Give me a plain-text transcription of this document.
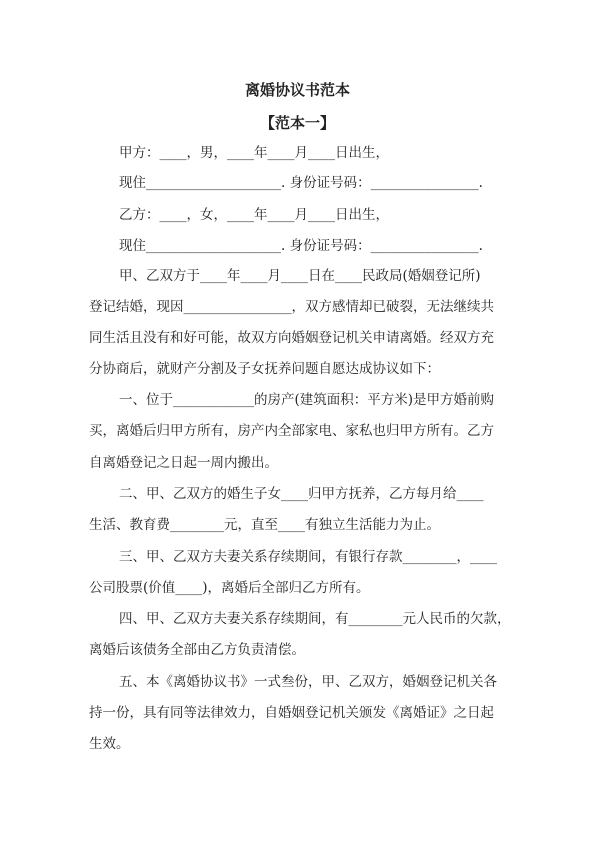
离婚协议书范本
【范本一】
甲方：____，男，____年____月____日出生，
现住____________________. 身份证号码：________________.
乙方：____，女，____年____月____日出生，
现住____________________. 身份证号码：________________.
甲、乙双方于____年____月____日在____民政局(婚姻登记所)
登记结婚，现因________________，双方感情却已破裂，无法继续共
同生活且没有和好可能，故双方向婚姻登记机关申请离婚。经双方充
分协商后，就财产分割及子女抚养问题自愿达成协议如下：
一、位于____________的房产(建筑面积：平方米)是甲方婚前购
买，离婚后归甲方所有，房产内全部家电、家私也归甲方所有。乙方
自离婚登记之日起一周内搬出。
二、甲、乙双方的婚生子女____归甲方抚养，乙方每月给____
生活、教育费________元，直至____有独立生活能力为止。
三、甲、乙双方夫妻关系存续期间，有银行存款________，____
公司股票(价值____)，离婚后全部归乙方所有。
四、甲、乙双方夫妻关系存续期间，有________元人民币的欠款，
离婚后该债务全部由乙方负责清偿。
五、本《离婚协议书》一式叁份，甲、乙双方，婚姻登记机关各
持一份，具有同等法律效力，自婚姻登记机关颁发《离婚证》之日起
生效。
